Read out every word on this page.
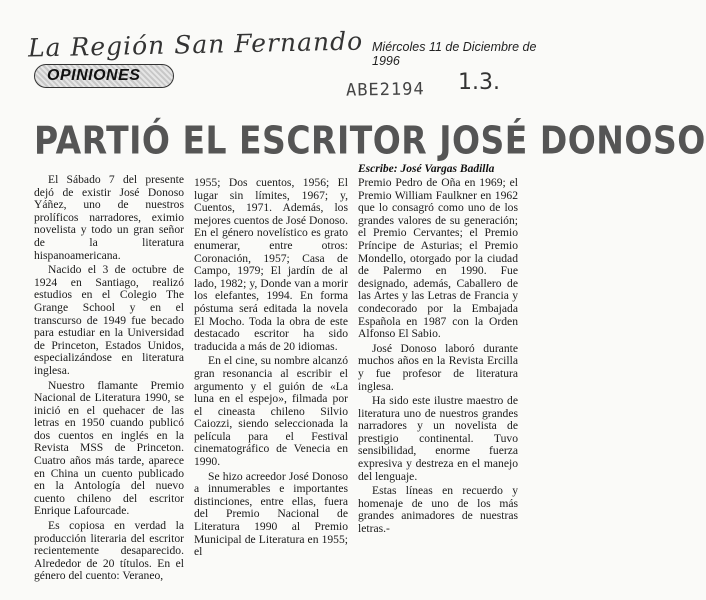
La Región San Fernando Miércoles 11 de Diciembre de 1996
OPINIONES
ABE2194 1.3.
PARTIÓ EL ESCRITOR JOSÉ DONOSO
Escribe: José Vargas Badilla

El Sábado 7 del presente dejó de existir José Donoso Yáñez, uno de nuestros prolíficos narradores, eximio novelista y todo un gran señor de la literatura hispanoamericana.

Nacido el 3 de octubre de 1924 en Santiago, realizó estudios en el Colegio The Grange School y en el transcurso de 1949 fue becado para estudiar en la Universidad de Princeton, Estados Unidos, especializándose en literatura inglesa.

Nuestro flamante Premio Nacional de Literatura 1990, se inició en el quehacer de las letras en 1950 cuando publicó dos cuentos en inglés en la Revista MSS de Princeton. Cuatro años más tarde, aparece en China un cuento publicado en la Antología del nuevo cuento chileno del escritor Enrique Lafourcade.

Es copiosa en verdad la producción literaria del escritor recientemente desaparecido. Alrededor de 20 títulos. En el género del cuento: Veraneo,

1955; Dos cuentos, 1956; El lugar sin límites, 1967; y, Cuentos, 1971. Además, los mejores cuentos de José Donoso. En el género novelístico es grato enumerar, entre otros: Coronación, 1957; Casa de Campo, 1979; El jardín de al lado, 1982; y, Donde van a morir los elefantes, 1994. En forma póstuma será editada la novela El Mocho. Toda la obra de este destacado escritor ha sido traducida a más de 20 idiomas.

En el cine, su nombre alcanzó gran resonancia al escribir el argumento y el guión de «La luna en el espejo», filmada por el cineasta chileno Silvio Caiozzi, siendo seleccionada la película para el Festival cinematográfico de Venecia en 1990.

Se hizo acreedor José Donoso a innumerables e importantes distinciones, entre ellas, fuera del Premio Nacional de Literatura 1990 al Premio Municipal de Literatura en 1955; el

Premio Pedro de Oña en 1969; el Premio William Faulkner en 1962 que lo consagró como uno de los grandes valores de su generación; el Premio Cervantes; el Premio Príncipe de Asturias; el Premio Mondello, otorgado por la ciudad de Palermo en 1990. Fue designado, además, Caballero de las Artes y las Letras de Francia y condecorado por la Embajada Española en 1987 con la Orden Alfonso El Sabio.

José Donoso laboró durante muchos años en la Revista Ercilla y fue profesor de literatura inglesa.

Ha sido este ilustre maestro de literatura uno de nuestros grandes narradores y un novelista de prestigio continental. Tuvo sensibilidad, enorme fuerza expresiva y destreza en el manejo del lenguaje.

Estas líneas en recuerdo y homenaje de uno de los más grandes animadores de nuestras letras.-
